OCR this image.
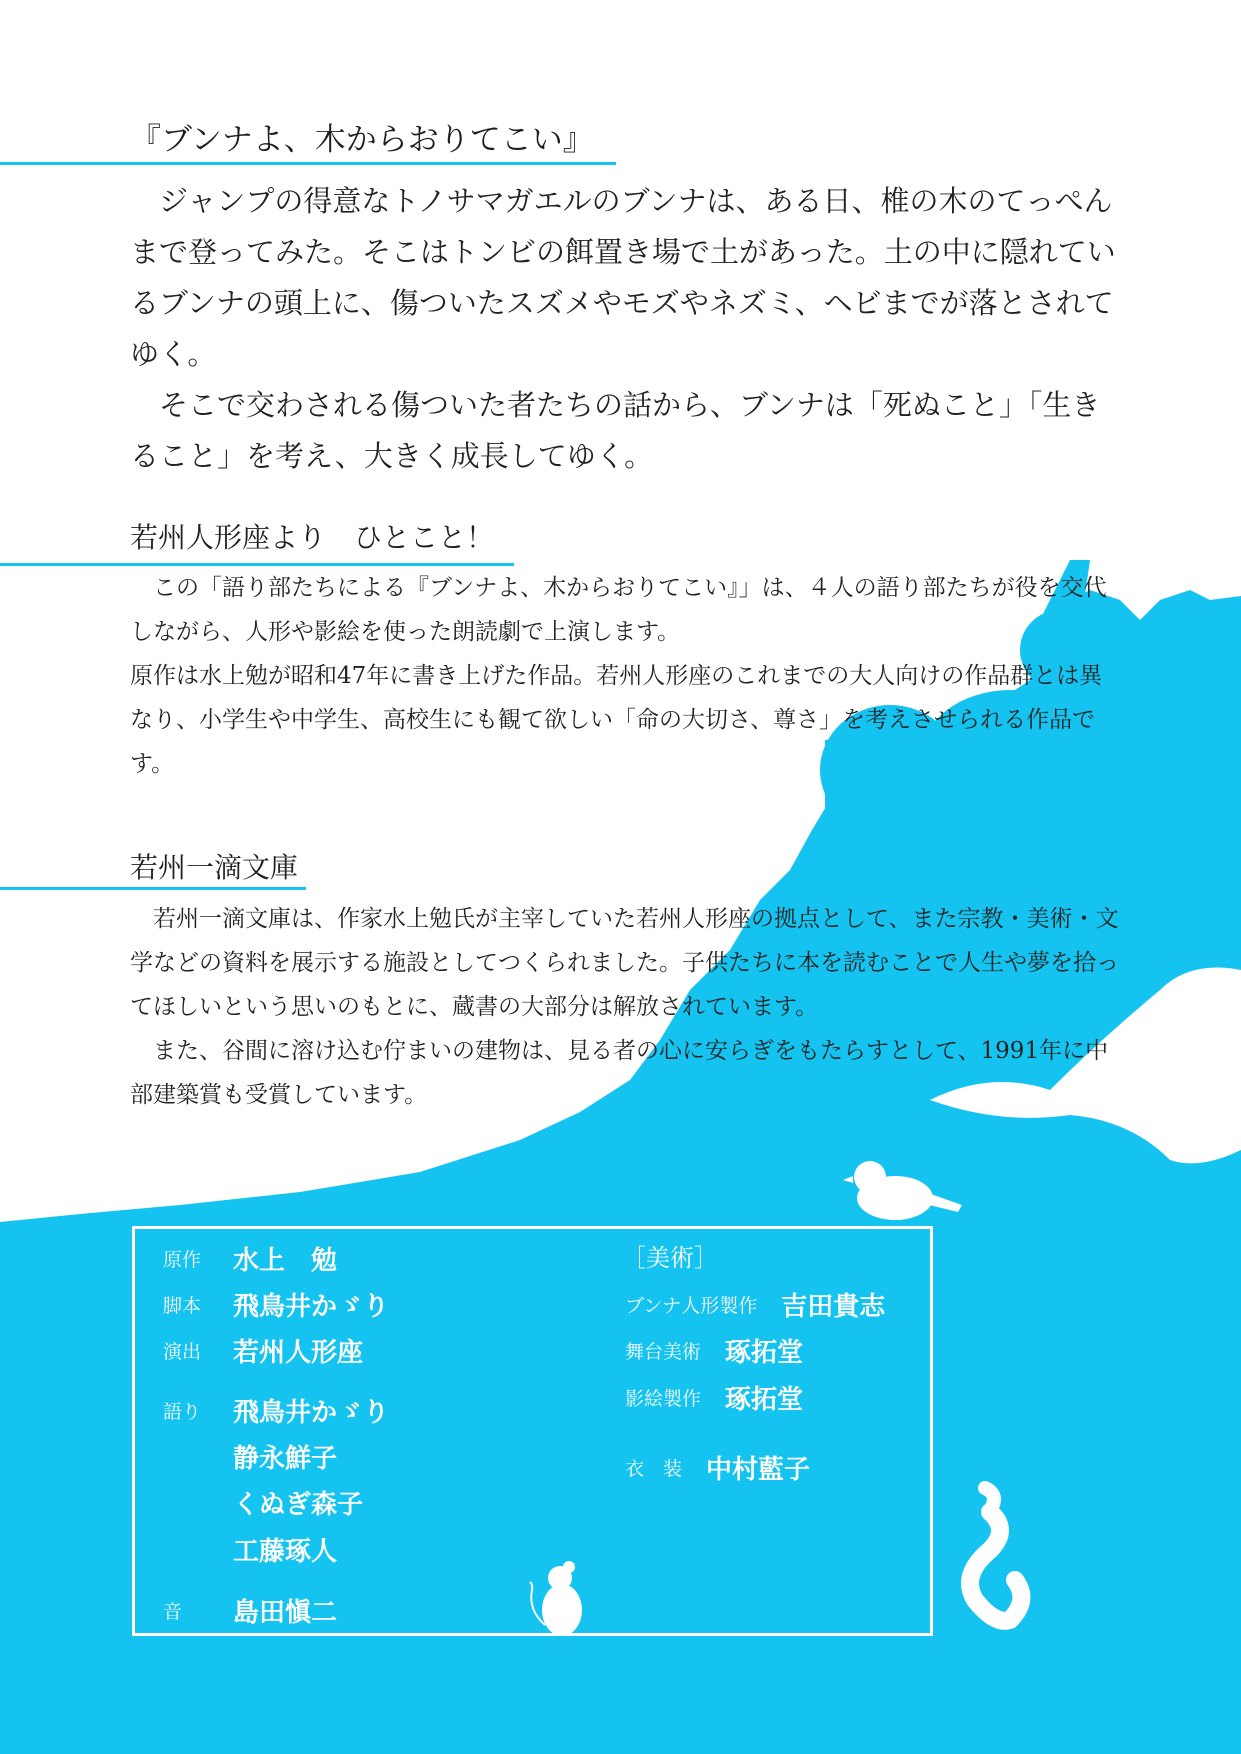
『ブンナよ、木からおりてこい』

ジャンプの得意なトノサマガエルのブンナは、ある日、椎の木のてっぺんまで登ってみた。そこはトンビの餌置き場で土があった。土の中に隠れているブンナの頭上に、傷ついたスズメやモズやネズミ、ヘビまでが落とされてゆく。

そこで交わされる傷ついた者たちの話から、ブンナは「死ぬこと」「生きること」を考え、大きく成長してゆく。

若州人形座より　ひとこと！

この「語り部たちによる『ブンナよ、木からおりてこい』」は、４人の語り部たちが役を交代しながら、人形や影絵を使った朗読劇で上演します。

原作は水上勉が昭和47年に書き上げた作品。若州人形座のこれまでの大人向けの作品群とは異なり、小学生や中学生、高校生にも観て欲しい「命の大切さ、尊さ」を考えさせられる作品です。

若州一滴文庫

若州一滴文庫は、作家水上勉氏が主宰していた若州人形座の拠点として、また宗教・美術・文学などの資料を展示する施設としてつくられました。子供たちに本を読むことで人生や夢を拾ってほしいという思いのもとに、蔵書の大部分は解放されています。

また、谷間に溶け込む佇まいの建物は、見る者の心に安らぎをもたらすとして、1991年に中部建築賞も受賞しています。

原作 水上　勉
脚本 飛鳥井かゞり
演出 若州人形座
語り 飛鳥井かゞり
静永鮮子
くぬぎ森子
工藤琢人
音 島田愼二
［美術］
ブンナ人形製作 吉田貴志
舞台美術 琢拓堂
影絵製作 琢拓堂
衣　装 中村藍子
